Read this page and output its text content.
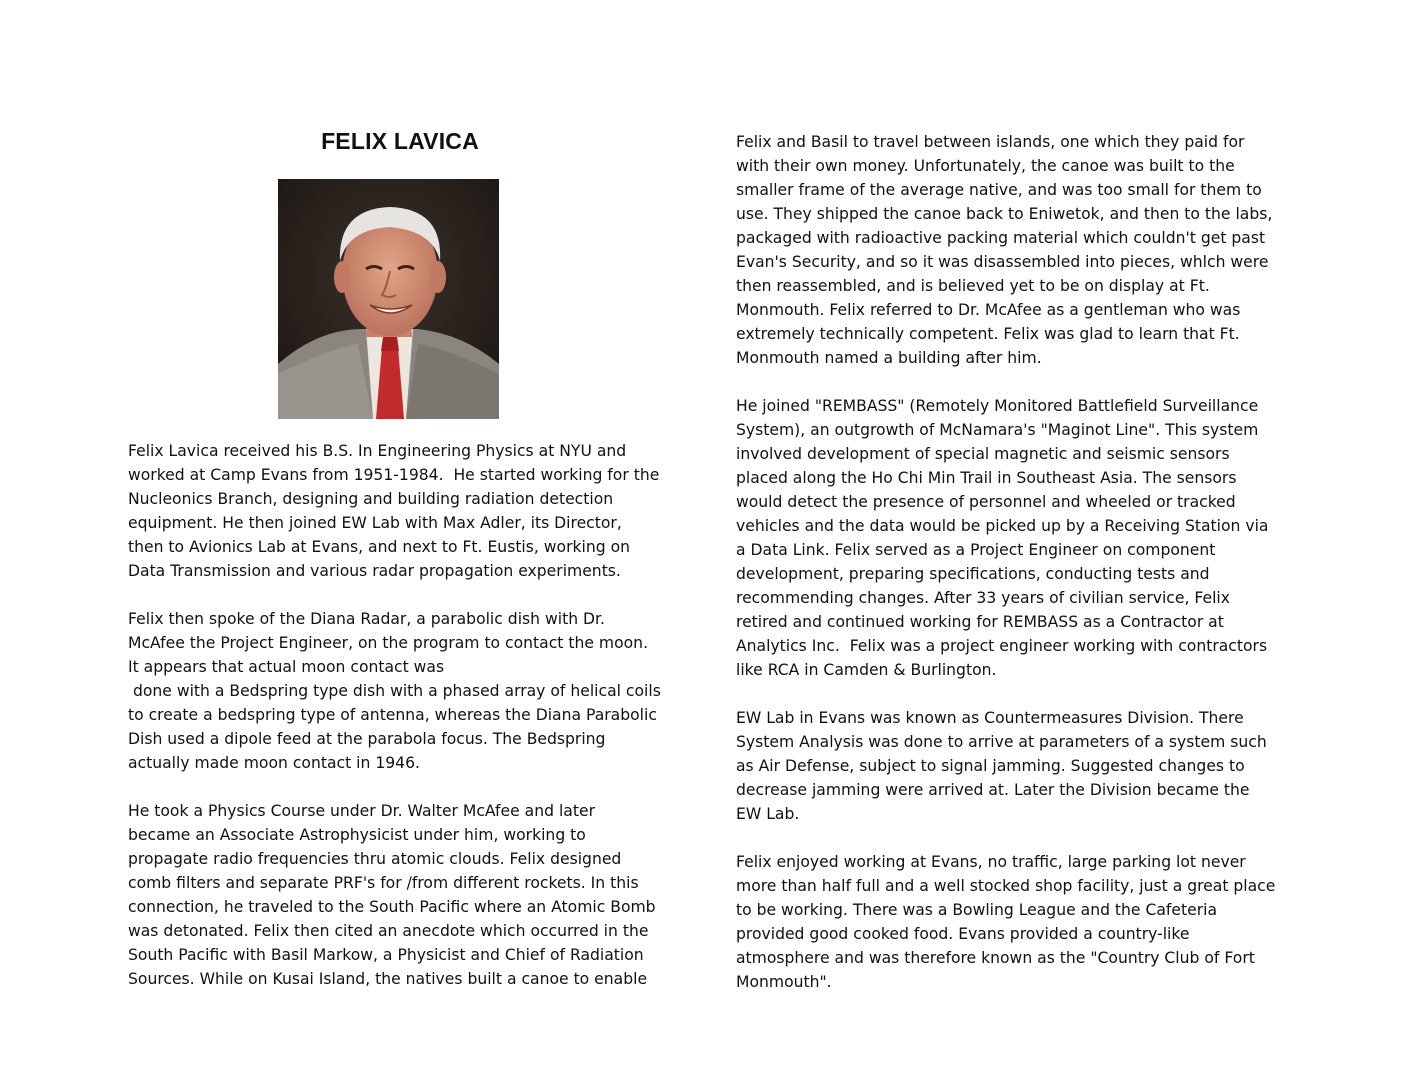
FELIX LAVICA

Felix Lavica received his B.S. In Engineering Physics at NYU and
worked at Camp Evans from 1951-1984.  He started working for the
Nucleonics Branch, designing and building radiation detection
equipment. He then joined EW Lab with Max Adler, its Director,
then to Avionics Lab at Evans, and next to Ft. Eustis, working on
Data Transmission and various radar propagation experiments.

Felix then spoke of the Diana Radar, a parabolic dish with Dr.
McAfee the Project Engineer, on the program to contact the moon.
It appears that actual moon contact was
done with a Bedspring type dish with a phased array of helical coils
to create a bedspring type of antenna, whereas the Diana Parabolic
Dish used a dipole feed at the parabola focus. The Bedspring
actually made moon contact in 1946.

He took a Physics Course under Dr. Walter McAfee and later
became an Associate Astrophysicist under him, working to
propagate radio frequencies thru atomic clouds. Felix designed
comb filters and separate PRF's for /from different rockets. In this
connection, he traveled to the South Pacific where an Atomic Bomb
was detonated. Felix then cited an anecdote which occurred in the
South Pacific with Basil Markow, a Physicist and Chief of Radiation
Sources. While on Kusai Island, the natives built a canoe to enable

Felix and Basil to travel between islands, one which they paid for
with their own money. Unfortunately, the canoe was built to the
smaller frame of the average native, and was too small for them to
use. They shipped the canoe back to Eniwetok, and then to the labs,
packaged with radioactive packing material which couldn't get past
Evan's Security, and so it was disassembled into pieces, whlch were
then reassembled, and is believed yet to be on display at Ft.
Monmouth. Felix referred to Dr. McAfee as a gentleman who was
extremely technically competent. Felix was glad to learn that Ft.
Monmouth named a building after him.

He joined "REMBASS" (Remotely Monitored Battlefield Surveillance
System), an outgrowth of McNamara's "Maginot Line". This system
involved development of special magnetic and seismic sensors
placed along the Ho Chi Min Trail in Southeast Asia. The sensors
would detect the presence of personnel and wheeled or tracked
vehicles and the data would be picked up by a Receiving Station via
a Data Link. Felix served as a Project Engineer on component
development, preparing specifications, conducting tests and
recommending changes. After 33 years of civilian service, Felix
retired and continued working for REMBASS as a Contractor at
Analytics Inc.  Felix was a project engineer working with contractors
like RCA in Camden & Burlington.

EW Lab in Evans was known as Countermeasures Division. There
System Analysis was done to arrive at parameters of a system such
as Air Defense, subject to signal jamming. Suggested changes to
decrease jamming were arrived at. Later the Division became the
EW Lab.

Felix enjoyed working at Evans, no traffic, large parking lot never
more than half full and a well stocked shop facility, just a great place
to be working. There was a Bowling League and the Cafeteria
provided good cooked food. Evans provided a country-like
atmosphere and was therefore known as the "Country Club of Fort
Monmouth".
